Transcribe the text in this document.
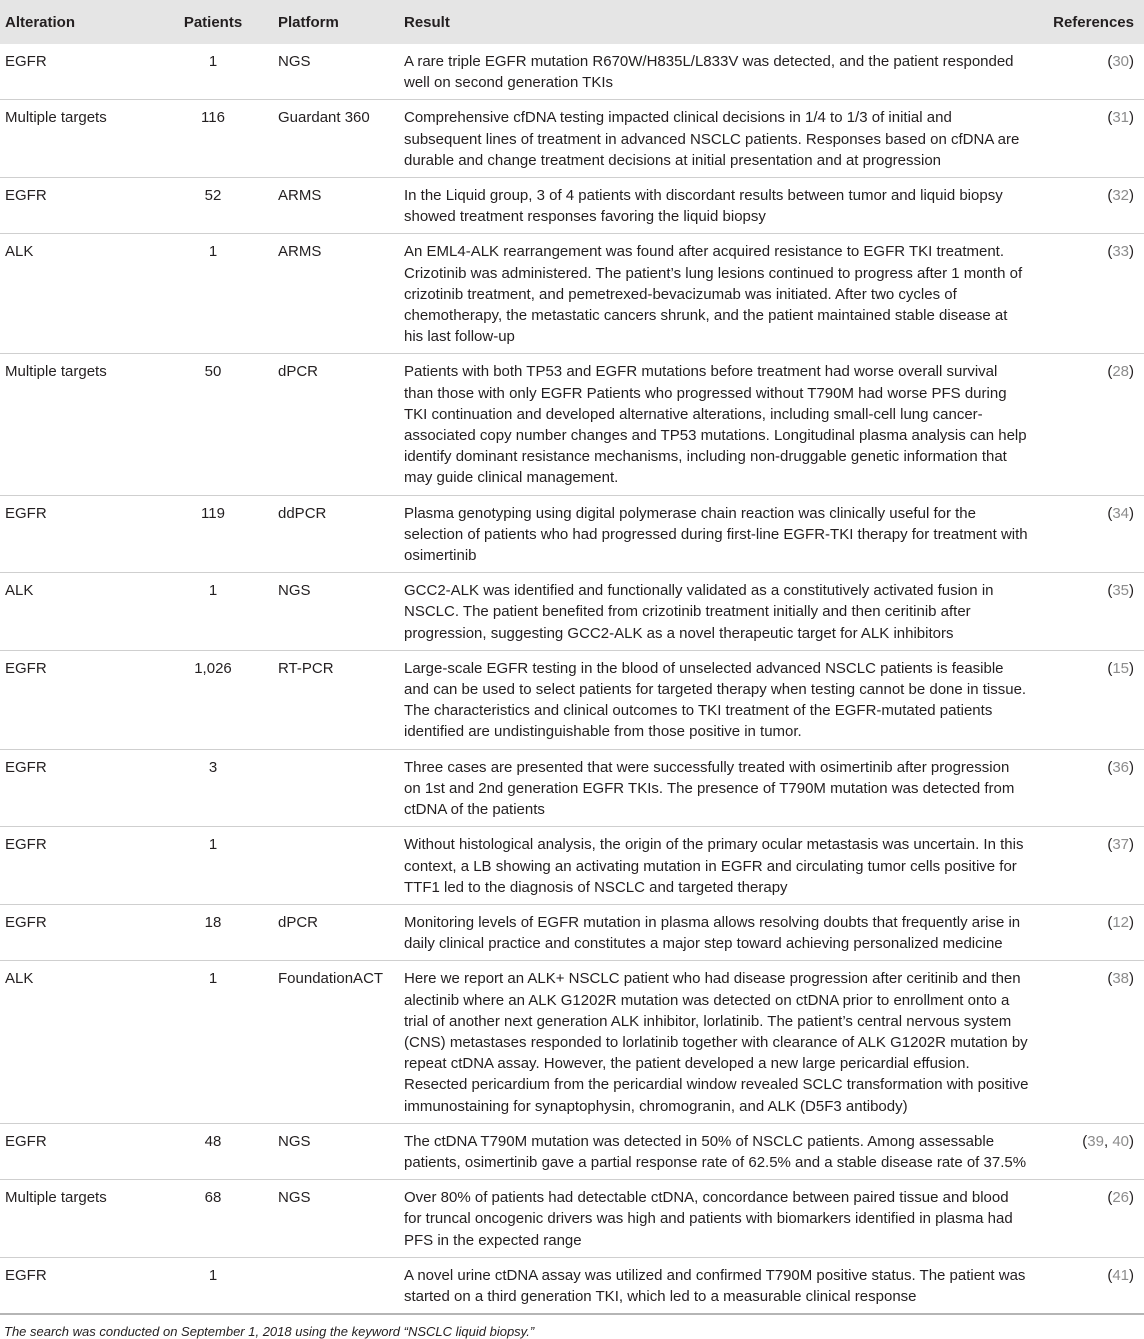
Alteration	Patients	Platform	Result	References
EGFR	1	NGS	A rare triple EGFR mutation R670W/H835L/L833V was detected, and the patient responded well on second generation TKIs	(30)
Multiple targets	116	Guardant 360	Comprehensive cfDNA testing impacted clinical decisions in 1/4 to 1/3 of initial and subsequent lines of treatment in advanced NSCLC patients. Responses based on cfDNA are durable and change treatment decisions at initial presentation and at progression	(31)
EGFR	52	ARMS	In the Liquid group, 3 of 4 patients with discordant results between tumor and liquid biopsy showed treatment responses favoring the liquid biopsy	(32)
ALK	1	ARMS	An EML4-ALK rearrangement was found after acquired resistance to EGFR TKI treatment. Crizotinib was administered. The patient’s lung lesions continued to progress after 1 month of crizotinib treatment, and pemetrexed-bevacizumab was initiated. After two cycles of chemotherapy, the metastatic cancers shrunk, and the patient maintained stable disease at his last follow-up	(33)
Multiple targets	50	dPCR	Patients with both TP53 and EGFR mutations before treatment had worse overall survival than those with only EGFR Patients who progressed without T790M had worse PFS during TKI continuation and developed alternative alterations, including small-cell lung cancer-associated copy number changes and TP53 mutations. Longitudinal plasma analysis can help identify dominant resistance mechanisms, including non-druggable genetic information that may guide clinical management.	(28)
EGFR	119	ddPCR	Plasma genotyping using digital polymerase chain reaction was clinically useful for the selection of patients who had progressed during first-line EGFR-TKI therapy for treatment with osimertinib	(34)
ALK	1	NGS	GCC2-ALK was identified and functionally validated as a constitutively activated fusion in NSCLC. The patient benefited from crizotinib treatment initially and then ceritinib after progression, suggesting GCC2-ALK as a novel therapeutic target for ALK inhibitors	(35)
EGFR	1,026	RT-PCR	Large-scale EGFR testing in the blood of unselected advanced NSCLC patients is feasible and can be used to select patients for targeted therapy when testing cannot be done in tissue. The characteristics and clinical outcomes to TKI treatment of the EGFR-mutated patients identified are undistinguishable from those positive in tumor.	(15)
EGFR	3		Three cases are presented that were successfully treated with osimertinib after progression on 1st and 2nd generation EGFR TKIs. The presence of T790M mutation was detected from ctDNA of the patients	(36)
EGFR	1		Without histological analysis, the origin of the primary ocular metastasis was uncertain. In this context, a LB showing an activating mutation in EGFR and circulating tumor cells positive for TTF1 led to the diagnosis of NSCLC and targeted therapy	(37)
EGFR	18	dPCR	Monitoring levels of EGFR mutation in plasma allows resolving doubts that frequently arise in daily clinical practice and constitutes a major step toward achieving personalized medicine	(12)
ALK	1	FoundationACT	Here we report an ALK+ NSCLC patient who had disease progression after ceritinib and then alectinib where an ALK G1202R mutation was detected on ctDNA prior to enrollment onto a trial of another next generation ALK inhibitor, lorlatinib. The patient’s central nervous system (CNS) metastases responded to lorlatinib together with clearance of ALK G1202R mutation by repeat ctDNA assay. However, the patient developed a new large pericardial effusion. Resected pericardium from the pericardial window revealed SCLC transformation with positive immunostaining for synaptophysin, chromogranin, and ALK (D5F3 antibody)	(38)
EGFR	48	NGS	The ctDNA T790M mutation was detected in 50% of NSCLC patients. Among assessable patients, osimertinib gave a partial response rate of 62.5% and a stable disease rate of 37.5%	(39, 40)
Multiple targets	68	NGS	Over 80% of patients had detectable ctDNA, concordance between paired tissue and blood for truncal oncogenic drivers was high and patients with biomarkers identified in plasma had PFS in the expected range	(26)
EGFR	1		A novel urine ctDNA assay was utilized and confirmed T790M positive status. The patient was started on a third generation TKI, which led to a measurable clinical response	(41)
The search was conducted on September 1, 2018 using the keyword “NSCLC liquid biopsy.”
